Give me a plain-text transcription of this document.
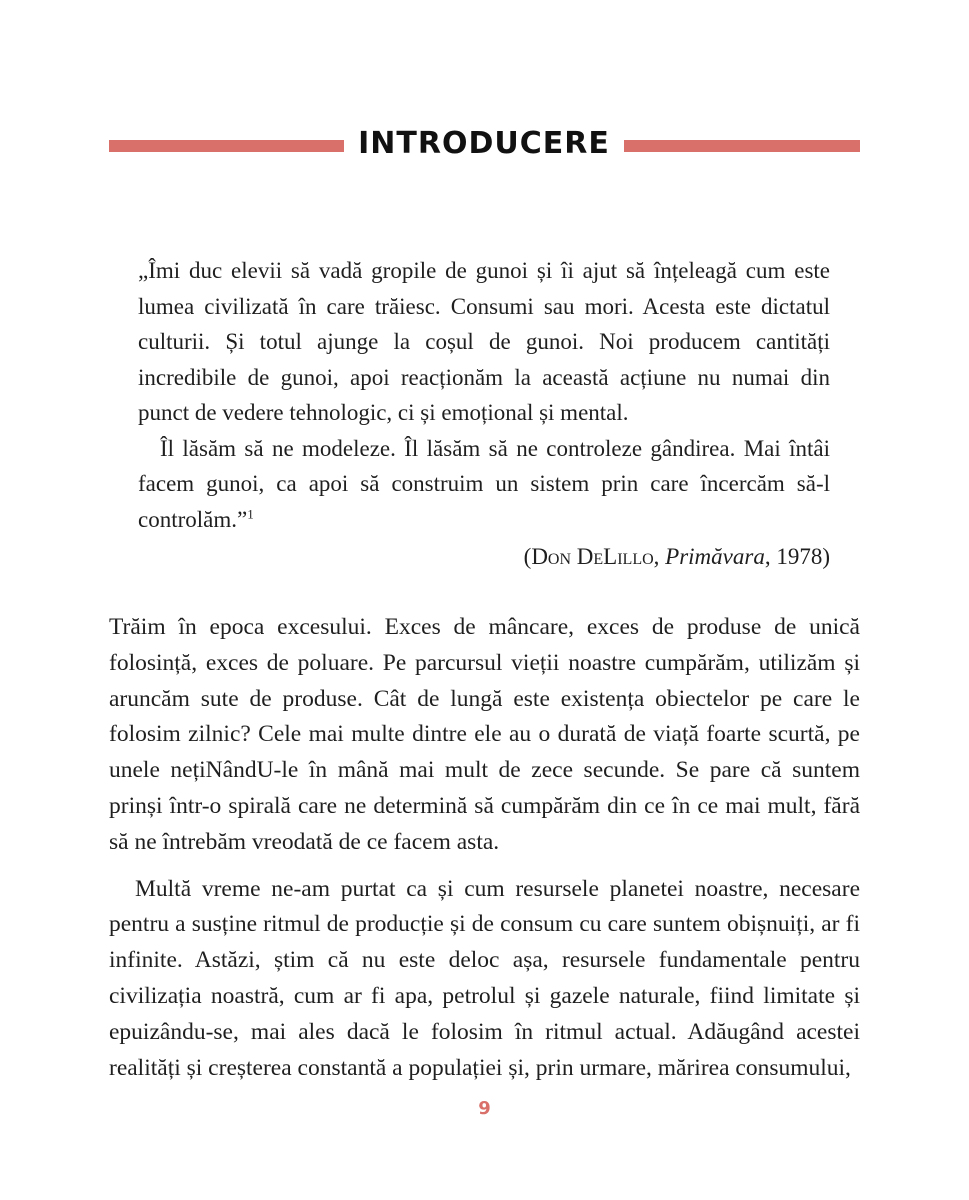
INTRODUCERE

„Îmi duc elevii să vadă gropile de gunoi și îi ajut să înțeleagă cum este lumea civilizată în care trăiesc. Consumi sau mori. Acesta este dictatul culturii. Și totul ajunge la coșul de gunoi. Noi producem cantități incredibile de gunoi, apoi reacționăm la această acțiune nu numai din punct de vedere tehnologic, ci și emoțional și mental.

Îl lăsăm să ne modeleze. Îl lăsăm să ne controleze gândirea. Mai întâi facem gunoi, ca apoi să construim un sistem prin care încercăm să-l controlăm.”$^1$

(Don DeLillo, Primăvara, 1978)

Trăim în epoca excesului. Exces de mâncare, exces de produse de unică folosință, exces de poluare. Pe parcursul vieții noastre cumpărăm, utilizăm și aruncăm sute de produse. Cât de lungă este existența obiectelor pe care le folosim zilnic? Cele mai multe dintre ele au o durată de viață foarte scurtă, pe unele nețiNândU-le în mână mai mult de zece secunde. Se pare că suntem prinși într-o spirală care ne determină să cumpărăm din ce în ce mai mult, fără să ne întrebăm vreodată de ce facem asta.

Multă vreme ne-am purtat ca și cum resursele planetei noastre, necesare pentru a susține ritmul de producție și de consum cu care suntem obișnuiți, ar fi infinite. Astăzi, știm că nu este deloc așa, resursele fundamentale pentru civilizația noastră, cum ar fi apa, petrolul și gazele naturale, fiind limitate și epuizându-se, mai ales dacă le folosim în ritmul actual. Adăugând acestei realități și creșterea constantă a populației și, prin urmare, mărirea consumului,

9
